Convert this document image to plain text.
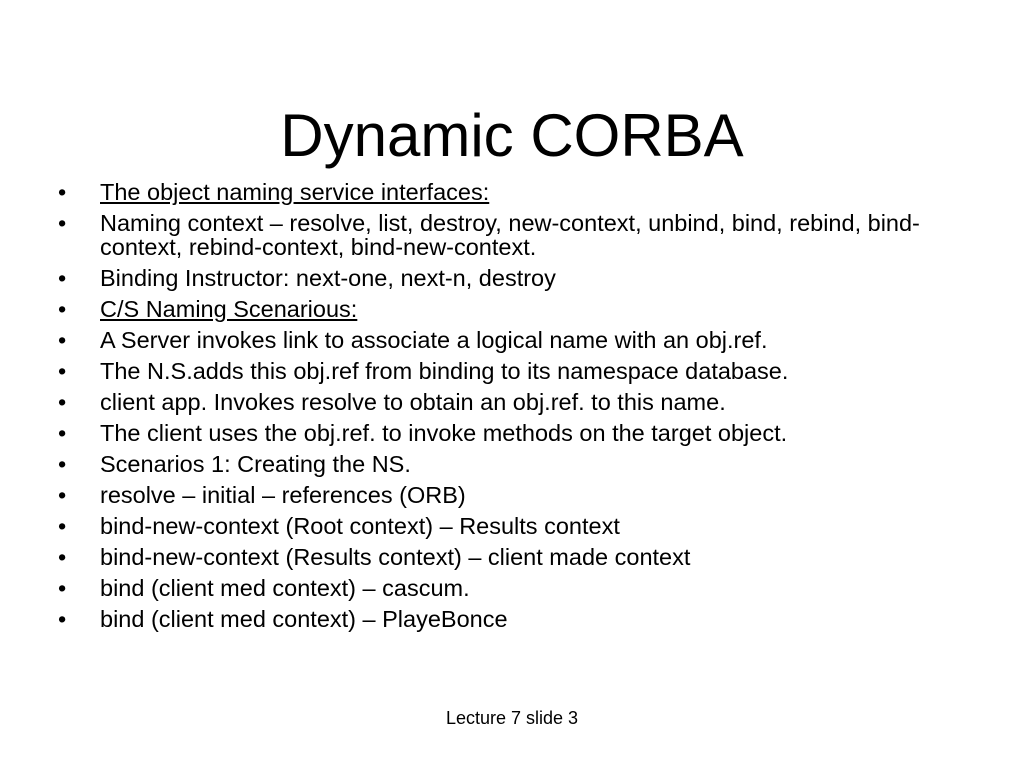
Dynamic CORBA
•	The object naming service interfaces:
•	Naming context – resolve, list, destroy, new-context, unbind, bind, rebind, bind-context, rebind-context, bind-new-context.
•	Binding Instructor: next-one, next-n, destroy
•	C/S Naming Scenarious:
•	A Server invokes link to associate a logical name with an obj.ref.
•	The N.S.adds this obj.ref from binding to its namespace database.
•	client app. Invokes resolve to obtain an obj.ref. to this name.
•	The client uses the obj.ref. to invoke methods on the target object.
•	Scenarios 1: Creating the NS.
•	resolve – initial – references (ORB)
•	bind-new-context (Root context) – Results context
•	bind-new-context (Results context) – client made context
•	bind (client med context) – cascum.
•	bind (client med context) – PlayeBonce
Lecture 7 slide 3
